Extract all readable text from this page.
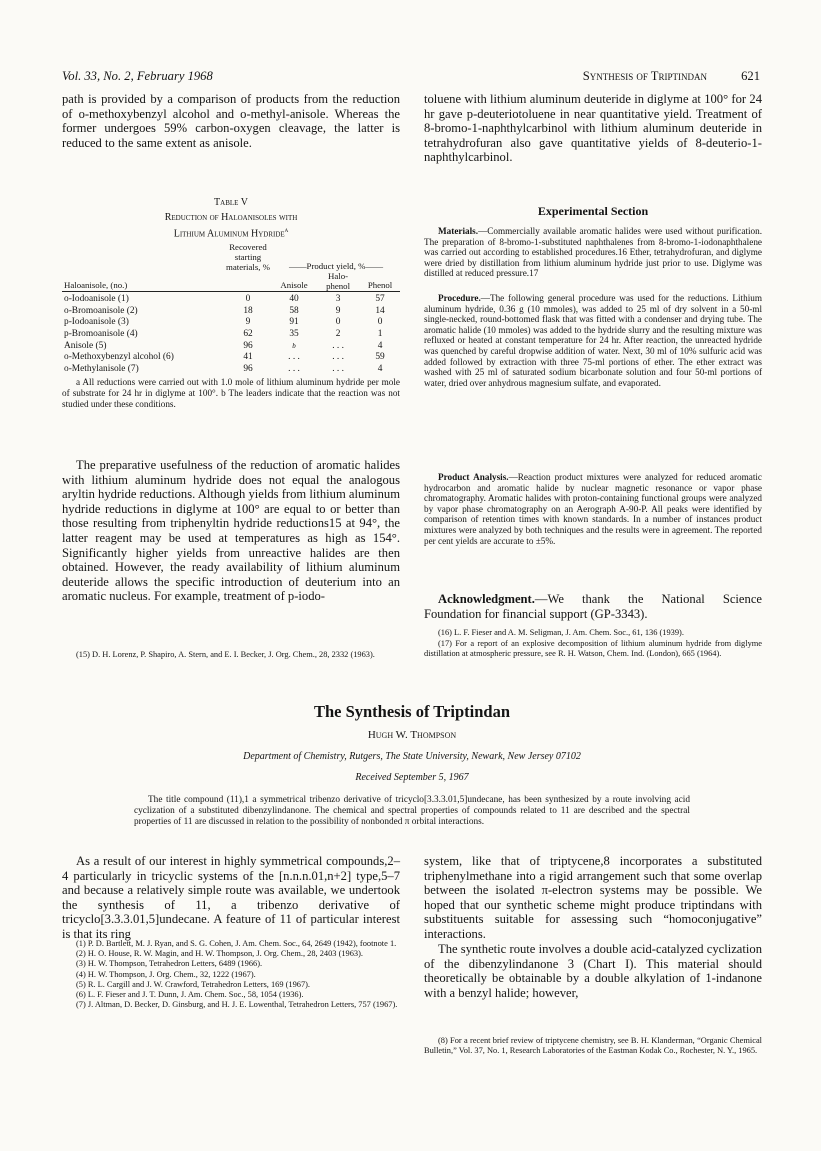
Vol. 33, No. 2, February 1968	Synthesis of Triptindan	621

path is provided by a comparison of products from the reduction of o-methoxybenzyl alcohol and o-methyl-anisole. Whereas the former undergoes 59% carbon-oxygen cleavage, the latter is reduced to the same extent as anisole.

Table V
Reduction of Haloanisoles with
Lithium Aluminum Hydride$^a$
	Recovered starting materials, %	——Product yield, %——		
Haloanisole, (no.)		Anisole	Halo-phenol	Phenol

o-Iodoanisole (1)	0	40	3	57
o-Bromoanisole (2)	18	58	9	14
p-Iodoanisole (3)	9	91	0	0
p-Bromoanisole (4)	62	35	2	1
Anisole (5)	96	b	. . .	4
o-Methoxybenzyl alcohol (6)	41	. . .	. . .	59
o-Methylanisole (7)	96	. . .	. . .	4

a All reductions were carried out with 1.0 mole of lithium aluminum hydride per mole of substrate for 24 hr in diglyme at 100°. b The leaders indicate that the reaction was not studied under these conditions.

The preparative usefulness of the reduction of aromatic halides with lithium aluminum hydride does not equal the analogous aryltin hydride reductions. Although yields from lithium aluminum hydride reductions in diglyme at 100° are equal to or better than those resulting from triphenyltin hydride reductions15 at 94°, the latter reagent may be used at temperatures as high as 154°. Significantly higher yields from unreactive halides are then obtained. However, the ready availability of lithium aluminum deuteride allows the specific introduction of deuterium into an aromatic nucleus. For example, treatment of p-iodo-

(15) D. H. Lorenz, P. Shapiro, A. Stern, and E. I. Becker, J. Org. Chem., 28, 2332 (1963).

toluene with lithium aluminum deuteride in diglyme at 100° for 24 hr gave p-deuteriotoluene in near quantitative yield. Treatment of 8-bromo-1-naphthylcarbinol with lithium aluminum deuteride in tetrahydrofuran also gave quantitative yields of 8-deuterio-1-naphthylcarbinol.

Experimental Section

Materials.—Commercially available aromatic halides were used without purification. The preparation of 8-bromo-1-substituted naphthalenes from 8-bromo-1-iodonaphthalene was carried out according to established procedures.16 Ether, tetrahydrofuran, and diglyme were dried by distillation from lithium aluminum hydride just prior to use. Diglyme was distilled at reduced pressure.17

Procedure.—The following general procedure was used for the reductions. Lithium aluminum hydride, 0.36 g (10 mmoles), was added to 25 ml of dry solvent in a 50-ml single-necked, round-bottomed flask that was fitted with a condenser and drying tube. The aromatic halide (10 mmoles) was added to the hydride slurry and the resulting mixture was refluxed or heated at constant temperature for 24 hr. After reaction, the unreacted hydride was quenched by careful dropwise addition of water. Next, 30 ml of 10% sulfuric acid was added followed by extraction with three 75-ml portions of ether. The ether extract was washed with 25 ml of saturated sodium bicarbonate solution and four 50-ml portions of water, dried over anhydrous magnesium sulfate, and evaporated.

Product Analysis.—Reaction product mixtures were analyzed for reduced aromatic hydrocarbon and aromatic halide by nuclear magnetic resonance or vapor phase chromatography. Aromatic halides with proton-containing functional groups were analyzed by vapor phase chromatography on an Aerograph A-90-P. All peaks were identified by comparison of retention times with known standards. In a number of instances product mixtures were analyzed by both techniques and the results were in agreement. The reported per cent yields are accurate to ±5%.

Acknowledgment.—We thank the National Science Foundation for financial support (GP-3343).

(16) L. F. Fieser and A. M. Seligman, J. Am. Chem. Soc., 61, 136 (1939).

(17) For a report of an explosive decomposition of lithium aluminum hydride from diglyme distillation at atmospheric pressure, see R. H. Watson, Chem. Ind. (London), 665 (1964).

The Synthesis of Triptindan
Hugh W. Thompson
Department of Chemistry, Rutgers, The State University, Newark, New Jersey 07102
Received September 5, 1967

The title compound (11),1 a symmetrical tribenzo derivative of tricyclo[3.3.3.01,5]undecane, has been synthesized by a route involving acid cyclization of a substituted dibenzylindanone. The chemical and spectral properties of compounds related to 11 are described and the spectral properties of 11 are discussed in relation to the possibility of nonbonded π orbital interactions.

As a result of our interest in highly symmetrical compounds,2–4 particularly in tricyclic systems of the [n.n.n.01,n+2] type,5–7 and because a relatively simple route was available, we undertook the synthesis of 11, a tribenzo derivative of tricyclo[3.3.3.01,5]undecane. A feature of 11 of particular interest is that its ring

(1) P. D. Bartlett, M. J. Ryan, and S. G. Cohen, J. Am. Chem. Soc., 64, 2649 (1942), footnote 1.

(2) H. O. House, R. W. Magin, and H. W. Thompson, J. Org. Chem., 28, 2403 (1963).

(3) H. W. Thompson, Tetrahedron Letters, 6489 (1966).

(4) H. W. Thompson, J. Org. Chem., 32, 1222 (1967).

(5) R. L. Cargill and J. W. Crawford, Tetrahedron Letters, 169 (1967).

(6) L. F. Fieser and J. T. Dunn, J. Am. Chem. Soc., 58, 1054 (1936).

(7) J. Altman, D. Becker, D. Ginsburg, and H. J. E. Lowenthal, Tetrahedron Letters, 757 (1967).

system, like that of triptycene,8 incorporates a substituted triphenylmethane into a rigid arrangement such that some overlap between the isolated π-electron systems may be possible. We hoped that our synthetic scheme might produce triptindans with substituents suitable for assessing such “homoconjugative” interactions.

The synthetic route involves a double acid-catalyzed cyclization of the dibenzylindanone 3 (Chart I). This material should theoretically be obtainable by a double alkylation of 1-indanone with a benzyl halide; however,

(8) For a recent brief review of triptycene chemistry, see B. H. Klanderman, “Organic Chemical Bulletin,” Vol. 37, No. 1, Research Laboratories of the Eastman Kodak Co., Rochester, N. Y., 1965.
